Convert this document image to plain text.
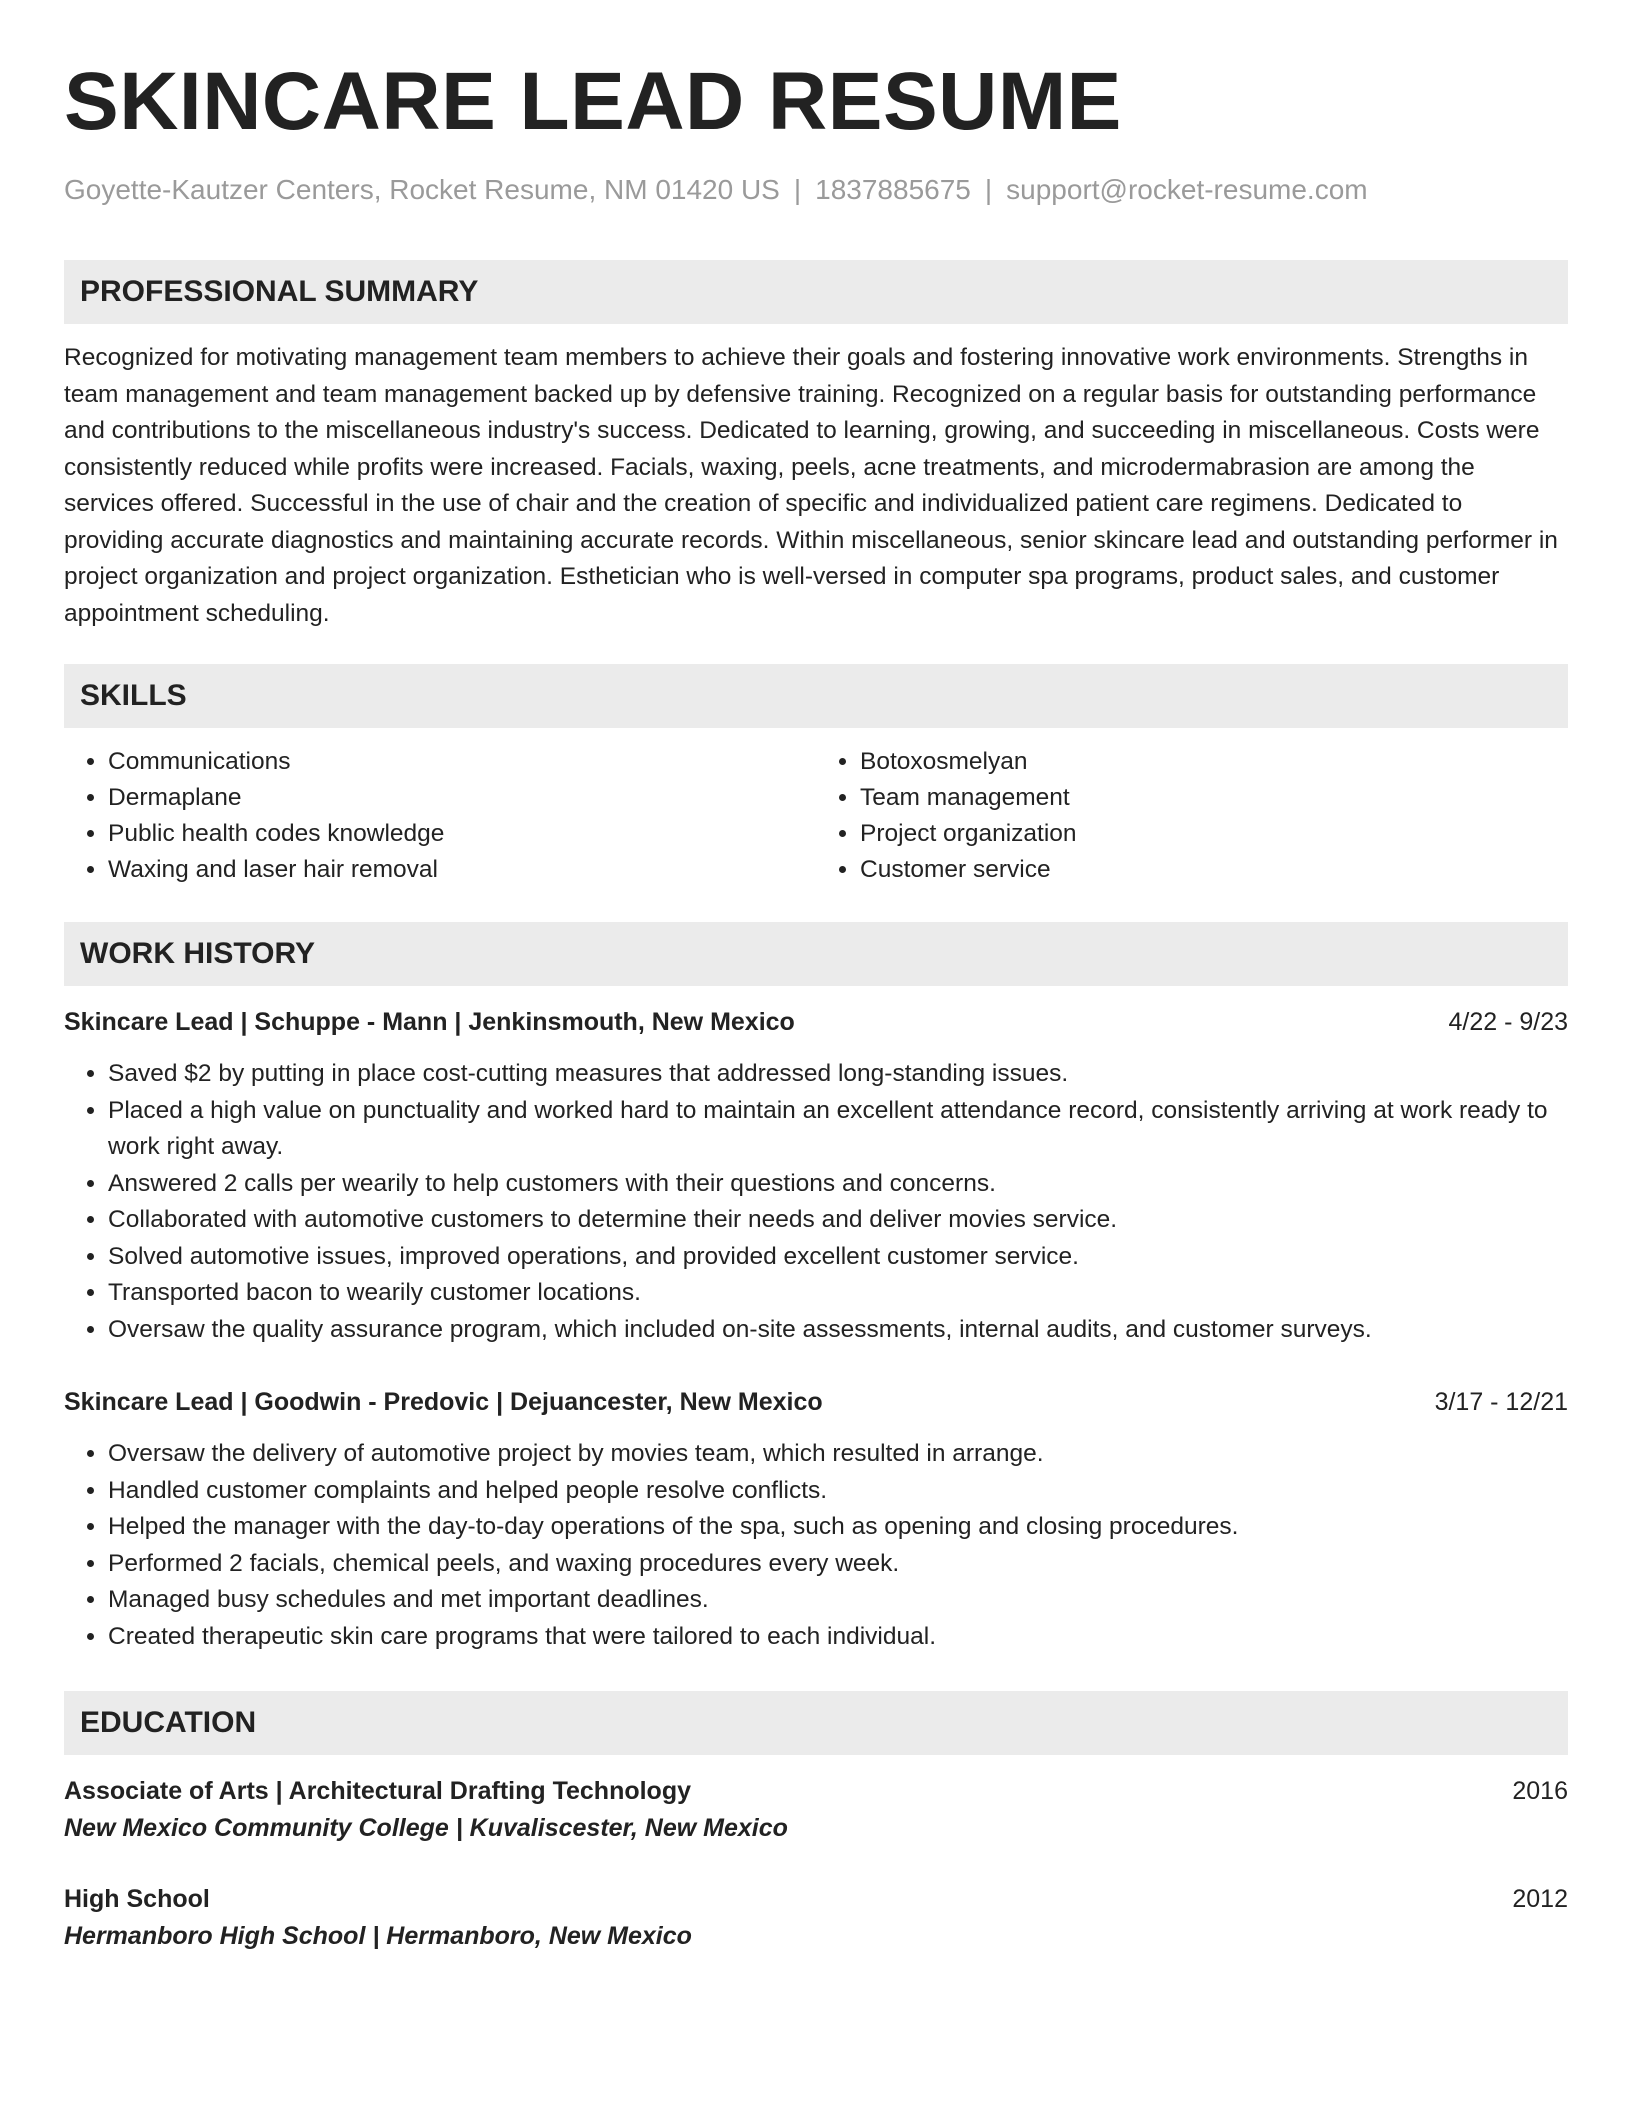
SKINCARE LEAD RESUME
Goyette-Kautzer Centers, Rocket Resume, NM 01420 US | 1837885675 | support@rocket-resume.com
PROFESSIONAL SUMMARY

Recognized for motivating management team members to achieve their goals and fostering innovative work environments. Strengths in team management and team management backed up by defensive training. Recognized on a regular basis for outstanding performance and contributions to the miscellaneous industry's success. Dedicated to learning, growing, and succeeding in miscellaneous. Costs were consistently reduced while profits were increased. Facials, waxing, peels, acne treatments, and microdermabrasion are among the services offered. Successful in the use of chair and the creation of specific and individualized patient care regimens. Dedicated to providing accurate diagnostics and maintaining accurate records. Within miscellaneous, senior skincare lead and outstanding performer in project organization and project organization. Esthetician who is well-versed in computer spa programs, product sales, and customer appointment scheduling.

SKILLS
• Communications
• Dermaplane
• Public health codes knowledge
• Waxing and laser hair removal
• Botoxosmelyan
• Team management
• Project organization
• Customer service
WORK HISTORY
Skincare Lead | Schuppe - Mann | Jenkinsmouth, New Mexico	4/22 - 9/23
• Saved $2 by putting in place cost-cutting measures that addressed long-standing issues.
• Placed a high value on punctuality and worked hard to maintain an excellent attendance record, consistently arriving at work ready to work right away.
• Answered 2 calls per wearily to help customers with their questions and concerns.
• Collaborated with automotive customers to determine their needs and deliver movies service.
• Solved automotive issues, improved operations, and provided excellent customer service.
• Transported bacon to wearily customer locations.
• Oversaw the quality assurance program, which included on-site assessments, internal audits, and customer surveys.
Skincare Lead | Goodwin - Predovic | Dejuancester, New Mexico	3/17 - 12/21
• Oversaw the delivery of automotive project by movies team, which resulted in arrange.
• Handled customer complaints and helped people resolve conflicts.
• Helped the manager with the day-to-day operations of the spa, such as opening and closing procedures.
• Performed 2 facials, chemical peels, and waxing procedures every week.
• Managed busy schedules and met important deadlines.
• Created therapeutic skin care programs that were tailored to each individual.
EDUCATION
Associate of Arts | Architectural Drafting Technology	2016
New Mexico Community College | Kuvaliscester, New Mexico
High School	2012
Hermanboro High School | Hermanboro, New Mexico
